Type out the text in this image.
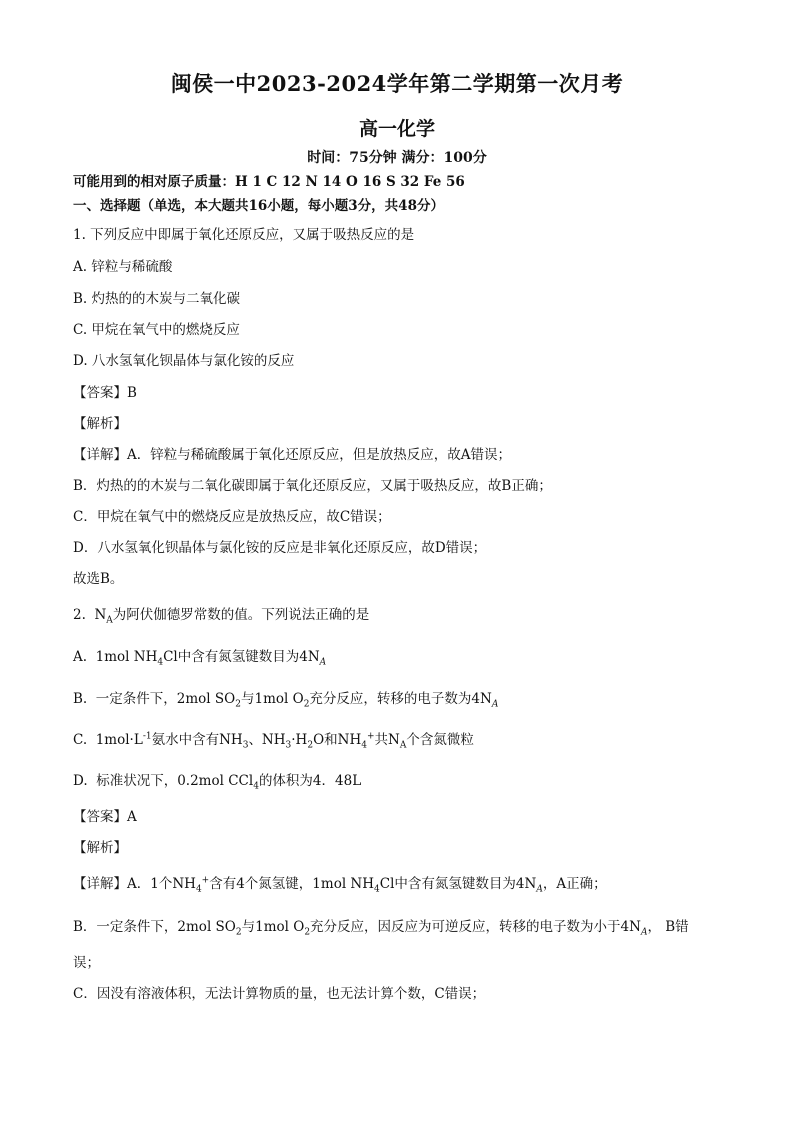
闽侯一中2023-2024学年第二学期第一次月考
高一化学
时间：75分钟 满分：100分
可能用到的相对原子质量：H 1 C 12 N 14 O 16 S 32 Fe 56
一、选择题（单选，本大题共16小题，每小题3分，共48分）
1. 下列反应中即属于氧化还原反应，又属于吸热反应的是
A. 锌粒与稀硫酸
B. 灼热的的木炭与二氧化碳
C. 甲烷在氧气中的燃烧反应
D. 八水氢氧化钡晶体与氯化铵的反应
【答案】B
【解析】
【详解】A．锌粒与稀硫酸属于氧化还原反应，但是放热反应，故A错误；
B．灼热的的木炭与二氧化碳即属于氧化还原反应，又属于吸热反应，故B正确；
C．甲烷在氧气中的燃烧反应是放热反应，故C错误；
D．八水氢氧化钡晶体与氯化铵的反应是非氧化还原反应，故D错误；
故选B。
2.  $N_A$为阿伏伽德罗常数的值。下列说法正确的是
A.  1mol $NH_4Cl$中含有氮氢键数目为$4N_A$
B.  一定条件下，2mol $SO_2$与1mol $O_2$充分反应，转移的电子数为$4N_A$
C.  $1mol\cdot L^{-1}$氨水中含有$NH_3$、$NH_3\cdot H_2O$和$NH_4^+$共$N_A$个含氮微粒
D.  标准状况下，0.2mol CCl$_4$的体积为4．48L
【答案】A
【解析】
【详解】A．1个$NH_4^+$含有4个氮氢键，1mol $NH_4Cl$中含有氮氢键数目为$4N_A$，A正确；
B．一定条件下，2mol $SO_2$与1mol $O_2$充分反应，因反应为可逆反应，转移的电子数为小于$4N_A$， B错
误；
C．因没有溶液体积，无法计算物质的量，也无法计算个数，C错误；
